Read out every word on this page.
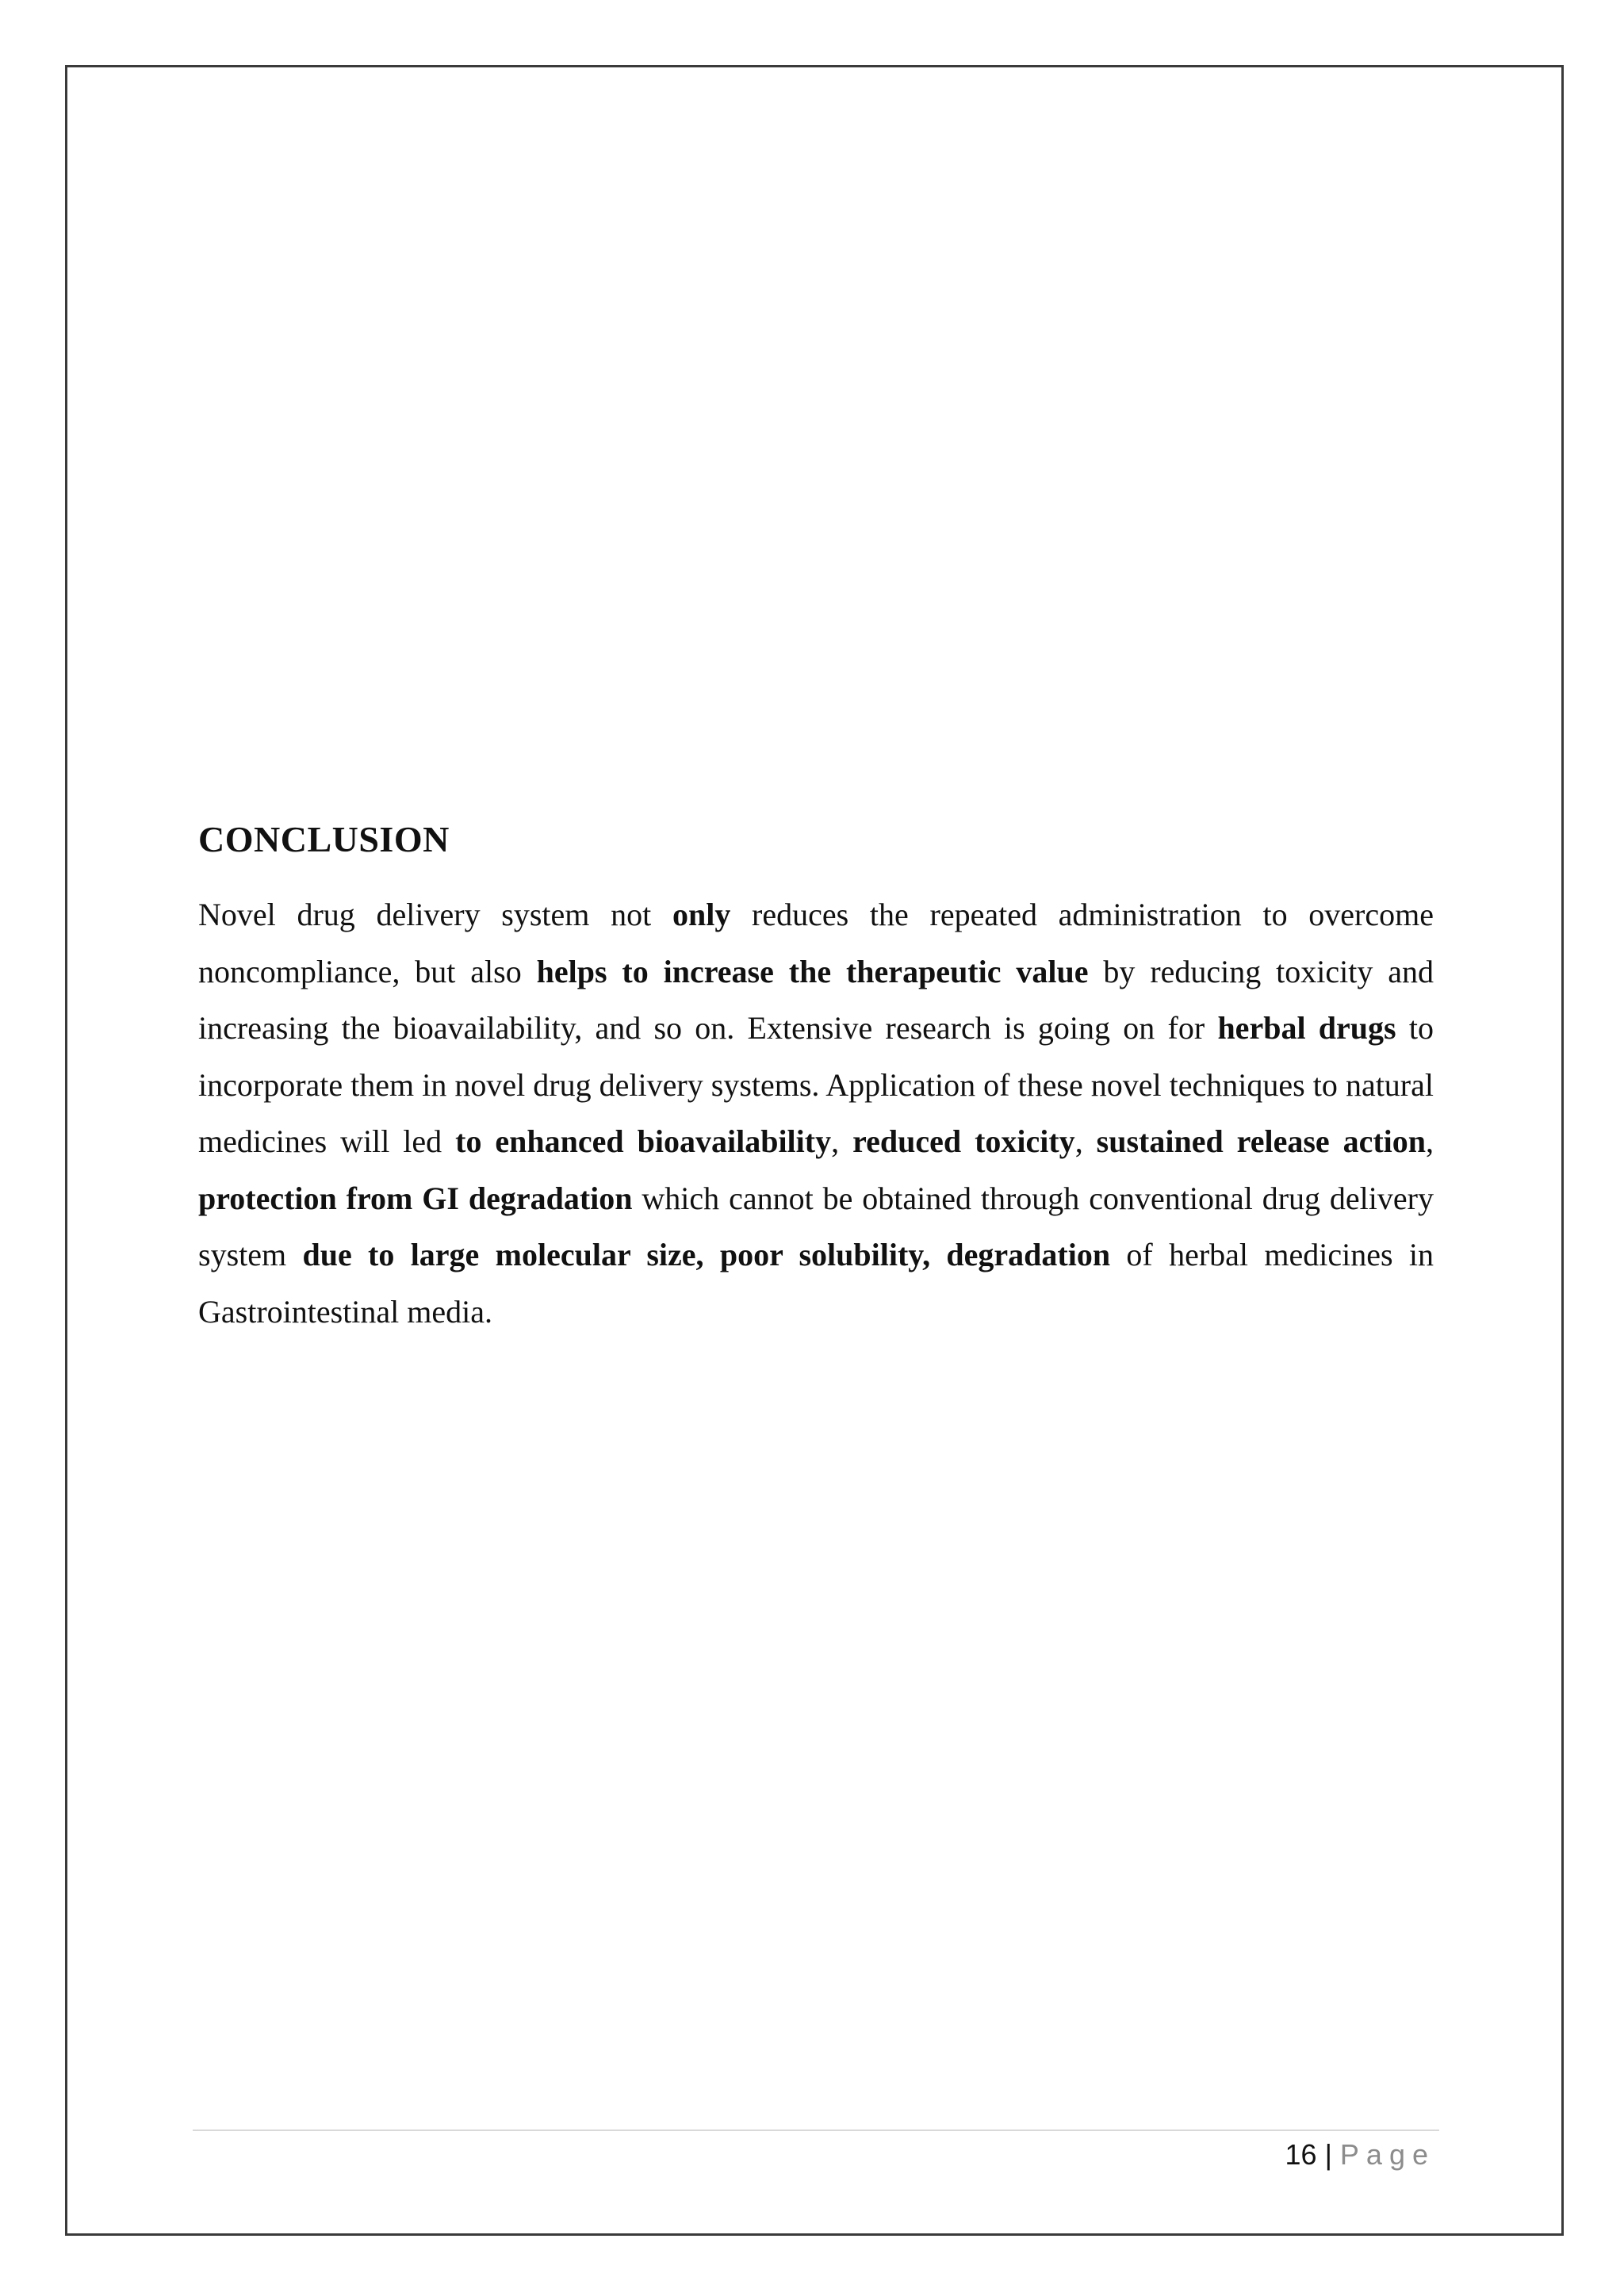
CONCLUSION

Novel drug delivery system not only reduces the repeated administration to overcome noncompliance, but also helps to increase the therapeutic value by reducing toxicity and increasing the bioavailability, and so on. Extensive research is going on for herbal drugs to incorporate them in novel drug delivery systems. Application of these novel techniques to natural medicines will led to enhanced bioavailability, reduced toxicity, sustained release action, protection from GI degradation which cannot be obtained through conventional drug delivery system due to large molecular size, poor solubility, degradation of herbal medicines in Gastrointestinal media.

16 | Page
